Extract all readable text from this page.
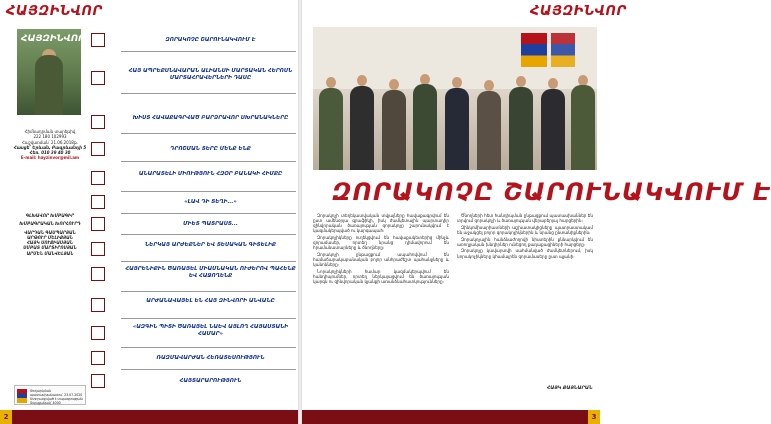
ՀԱՅԶԻՆՎՈՐ
ՀԱՅԶԻՆՎՈՐ
Հիմնադրման տարեթիվ
222 180 102993
Հաշվառման՝ 21.06.2018թ.
Հասցե՝ Երևան, Բագրևանդի 5
Հեռ. 010 39 40 30
E-mail: hayzinvor@mil.am
ԳԼԽԱՎՈՐ ԽՄԲԱԳԻՐ
ԽՄԲԱԳՐԱԿԱՆ ԽՈՐՀՈՒՐԴ
ՎԱՐԴԱՆ ԳԱՍՊԱՐՅԱՆ
ԱՐԹՈՒՐ ՄԵԼԻՔՅԱՆ
ՀԱՅԿ ՍՈՒՔԻԱՍՅԱՆ
ՍՄԲԱՏ ՄԱՐՏԻՐՈՍՅԱՆ
ԱՐՄԵՆ ՄԱՆՎԵԼՅԱՆ
Թողարկման պատասխանատու՝ 23.07.2020
Ստորագրված է տպագրության
Տպաքանակ՝ 4000
ԶՈՐԱԿՈՉԸ ՇԱՐՈՒՆԱԿՎՈՒՄ Է
ՀԱՅ ԱՊՐԵՔՍՆԱՎԱՐԱՆ ԱԼԻԱՆՍԻ ՄԱՐՏԱԿԱՆ ՀԵՐՈՍՆ ՄԱՐՏԱՀՐԱՎԵՐՆԵՐԻ ԴԱՍԸ
ԽԻՍՏ ՀԱՎԱՔԱԳՐՎԱԾ ԲԱՐՁՐԱՎՈՐ ՍԽՐԱՆԱԿՆԵՐԸ
ԴՐՈՇՄԱՆ ՏԵՐԸ ՄԵՆՔ ԵՆՔ
ԱՆԱՐԱՏԵԼԻ ՄԻՈՒԹՅՈՒՆ ՀԶՕՐ ԲԱՆԱԿԻ ՀԻՄՔԸ
«ԼԱՎ ԴԻ ՏԵՂԻ...»
ՄԻԵՏ ՊԱՏՐԱՍՏ...
ՆԵՐԿԱՅ ԱՐԺԵՔՆԵՐ ԵՎ ՏԵՍԱԿԱՆ ԳԻՏԵԼԻՔ
ՀԱՅՐԵՆԻՔԻՆ ԾԱՌԱՅԵԼ ՄԻԱՍՆԱԿԱՆ ՈՒԺԵՐՈՎ ՊԱՀԵՆՔ ԵՎ ՀԱՋՈՂԵՆՔ
ԱՐԺԱՆԱՎԱՅԵԼ ԵՆ ՀԱՅ ԶԻՆՎՈՐԻ ԱՆՎԱՆԸ
«ԱԶԳԻՆ ՊԻՏԻ ԾԱՌԱՅԵԼ ՆԱԵՎ ԱՅԼՈՂ ՀԱՅԱՍՏԱՆԻ ՀԱՄԱՐ»
ՌԱԶՄԱՎԱՐԺԱՆ ՀԵՌԱՏԵՍՈՒԹՅՈՒՆ
ՀԱՅՏԱՐԱՐՈՒԹՅՈՒՆ
2
ՀԱՅԶԻՆՎՈՐ
ԶՈՐԱԿՈՉԸ ՇԱՐՈՒՆԱԿՎՈՒՄ Է

Զորակոչի տեղեկատվական տվյալները հավաքագրվում են ըստ ամենօրյա գրաֆիկի, իսկ ժամկետային պարտադիր զինվորական ծառայության զորակոչը շարունակվում է կազմակերպված ու կարգապահ։

Զորակոչիկները ուղեկցվում են հավաքակետերից մինչև զորամասեր, որտեղ նրանց դիմավորում են հրամանատարները և ծնողները։

Զորակոչի ընթացքում ապահովվում են համաճարակաբանական բոլոր անհրաժեշտ պահանջները և կանոնները։

Նորակոչիկների համար կազմակերպվում են հանդիպումներ, որտեղ ներկայացվում են ծառայության կարգն ու զինվորական կյանքի առանձնահատկությունները։

Ծնողների հետ հանդիպման ընթացքում պատասխաններ են տրվում զորակոչի և ծառայության վերաբերյալ հարցերին։

Զինկոմիսարիատների աշխատակիցները պատրաստակամ են աջակցել բոլոր զորակոչիկներին և նրանց ընտանիքներին։

Զորակոչային հանձնաժողովի նիստերին քննարկվում են առողջական խնդիրներ ունեցող քաղաքացիների հարցերը։

Զորակոչը կավարտվի սահմանված ժամկետներում, իսկ նորակոչիկները կհամալրեն զորամասերը ըստ պլանի։

ՀԱՅԿ ՔԱՅՆԱՐԱՆ
3
